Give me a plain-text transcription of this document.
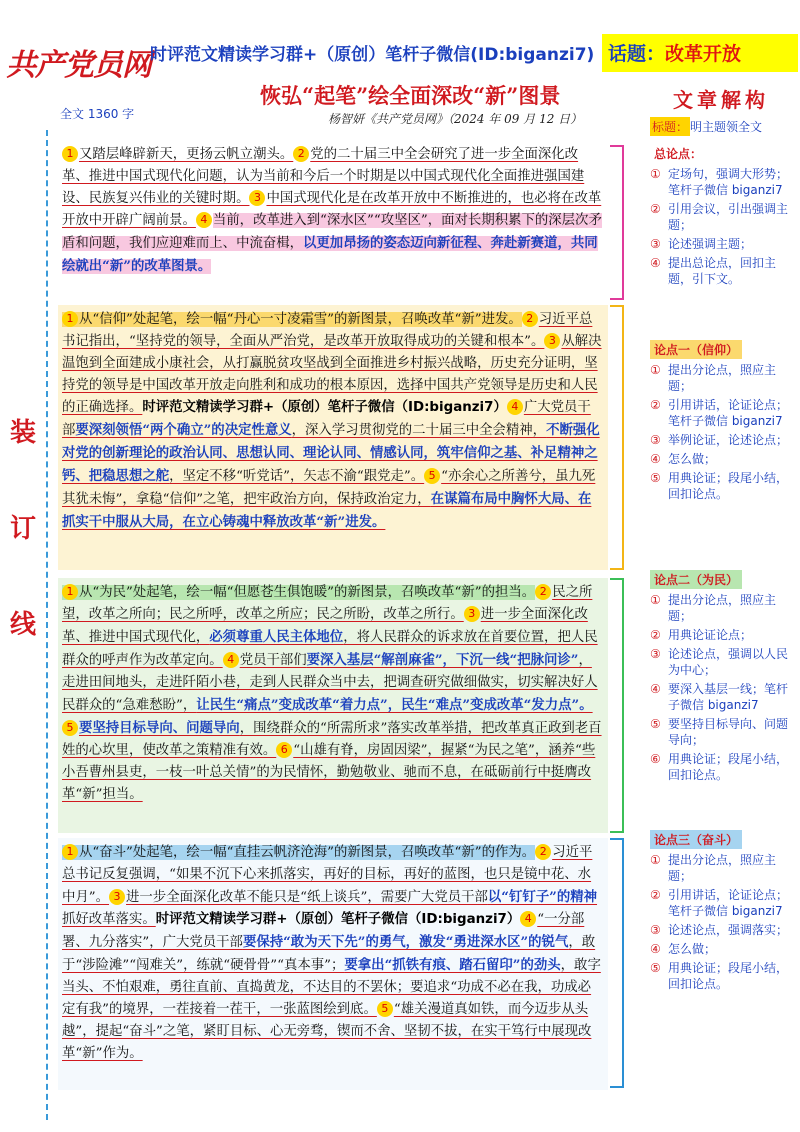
共产党员网 时评范文精读学习群+（原创）笔杆子微信(ID:biganzi7) 话题：改革开放
恢弘“起笔”绘全面深改“新”图景
杨智妍《共产党员网》（2024 年 09 月 12 日）
全文 1360 字
装
订
线
1 又踏层峰辟新天，更扬云帆立潮头。 2 党的二十届三中全会研究了进一步全面深化改革、推进中国式现代化问题，认为当前和今后一个时期是以中国式现代化全面推进强国建设、民族复兴伟业的关键时期。 3 中国式现代化是在改革开放中不断推进的，也必将在改革开放中开辟广阔前景。 4 当前，改革进入到“深水区”“攻坚区”，面对长期积累下的深层次矛盾和问题，我们应迎难而上、中流奋楫，以更加昂扬的姿态迈向新征程、奔赴新赛道，共同绘就出“新”的改革图景。
1 从“信仰”处起笔，绘一幅“丹心一寸凌霜雪”的新图景，召唤改革“新”进发。 2 习近平总书记指出，“坚持党的领导，全面从严治党，是改革开放取得成功的关键和根本”。 3 从解决温饱到全面建成小康社会，从打赢脱贫攻坚战到全面推进乡村振兴战略，历史充分证明，坚持党的领导是中国改革开放走向胜利和成功的根本原因，选择中国共产党领导是历史和人民的正确选择。时评范文精读学习群+（原创）笔杆子微信（ID:biganzi7） 4 广大党员干部要深刻领悟“两个确立”的决定性意义，深入学习贯彻党的二十届三中全会精神，不断强化对党的创新理论的政治认同、思想认同、理论认同、情感认同，筑牢信仰之基、补足精神之钙、把稳思想之舵，坚定不移“听党话”，矢志不渝“跟党走”。 5 “亦余心之所善兮，虽九死其犹未悔”，拿稳“信仰”之笔，把牢政治方向，保持政治定力，在谋篇布局中胸怀大局、在抓实干中服从大局，在立心铸魂中释放改革“新”进发。
1 从“为民”处起笔，绘一幅“但愿苍生俱饱暖”的新图景，召唤改革“新”的担当。 2 民之所望，改革之所向；民之所呼，改革之所应；民之所盼，改革之所行。 3 进一步全面深化改革、推进中国式现代化，必须尊重人民主体地位，将人民群众的诉求放在首要位置，把人民群众的呼声作为改革定向。 4 党员干部们要深入基层“解剖麻雀”，下沉一线“把脉问诊”，走进田间地头，走进阡陌小巷，走到人民群众当中去，把调查研究做细做实，切实解决好人民群众的“急难愁盼”，让民生“痛点”变成改革“着力点”，民生“难点”变成改革“发力点”。5 要坚持目标导向、问题导向，围绕群众的“所需所求”落实改革举措，把改革真正政到老百姓的心坎里，使改革之策精准有效。 6 “山雄有脊，房固因梁”，握紧“为民之笔”，涵养“些小吾曹州县吏，一枝一叶总关情”的为民情怀，勤勉敬业、驰而不息，在砥砺前行中挺膺改革“新”担当。
1 从“奋斗”处起笔，绘一幅“直挂云帆济沧海”的新图景，召唤改革“新”的作为。 2 习近平总书记反复强调，“如果不沉下心来抓落实，再好的目标，再好的蓝图，也只是镜中花、水中月”。 3 进一步全面深化改革不能只是“纸上谈兵”，需要广大党员干部以“钉钉子”的精神抓好改革落实。时评范文精读学习群+（原创）笔杆子微信（ID:biganzi7） 4 “一分部署、九分落实”，广大党员干部要保持“敢为天下先”的勇气，激发“勇进深水区”的锐气，敢于“涉险滩”“闯难关”，练就“硬骨骨”“真本事”；要拿出“抓铁有痕、踏石留印”的劲头，敢字当头、不怕艰难，勇往直前、直捣黄龙，不达目的不罢休；要追求“功成不必在我，功成必定有我”的境界，一茬接着一茬干，一张蓝图绘到底。 5 “雄关漫道真如铁，而今迈步从头越”，提起“奋斗”之笔，紧盯目标、心无旁骛，锲而不舍、坚韧不拔，在实干笃行中展现改革“新”作为。
文章解构
标题： 明主题领全文
总论点：
① 定场句，强调大形势；笔杆子微信 biganzi7
② 引用会议，引出强调主题；
③ 论述强调主题；
④ 提出总论点，回扣主题，引下文。
论点一（信仰）
① 提出分论点，照应主题；
② 引用讲话，论证论点；笔杆子微信 biganzi7
③ 举例论证，论述论点；
④ 怎么做；
⑤ 用典论证；段尾小结，回扣论点。
论点二（为民）
① 提出分论点，照应主题；
② 用典论证论点；
③ 论述论点，强调以人民为中心；
④ 要深入基层一线；笔杆子微信 biganzi7
⑤ 要坚持目标导向、问题导向；
⑥ 用典论证；段尾小结，回扣论点。
论点三（奋斗）
① 提出分论点，照应主题；
② 引用讲话，论证论点；笔杆子微信 biganzi7
③ 论述论点，强调落实；
④ 怎么做；
⑤ 用典论证；段尾小结，回扣论点。
